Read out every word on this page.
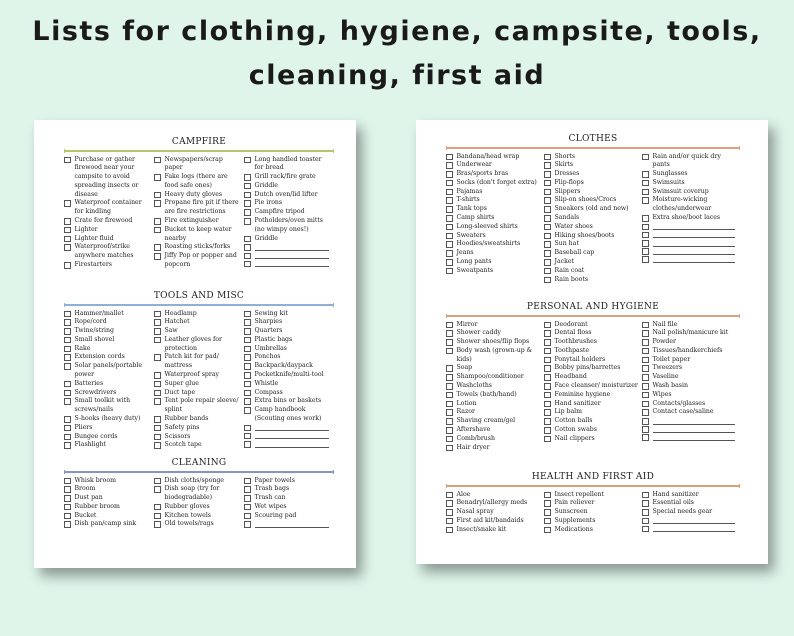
Lists for clothing, hygiene, campsite, tools,
cleaning, first aid
CAMPFIRE
Purchase or gather firewood near your campsite to avoid spreading insects or disease
Waterproof container for kindling
Crate for firewood
Lighter
Lighter fluid
Waterproof/strike anywhere matches
Firestarters
Newspapers/scrap paper
Fake logs (there are food safe ones)
Heavy duty gloves
Propane fire pit if there are fire restrictions
Fire extinguisher
Bucket to keep water nearby
Roasting sticks/forks
Jiffy Pop or popper and popcorn
Long handled toaster for bread
Grill rack/fire grate
Griddle
Dutch oven/lid lifter
Pie irons
Campfire tripod
Potholders/oven mitts (no wimpy ones!)
Griddle
TOOLS AND MISC
Hammer/mallet
Rope/cord
Twine/string
Small shovel
Rake
Extension cords
Solar panels/portable power
Batteries
Screwdrivers
Small toolkit with screws/nails
S-hooks (heavy duty)
Pliers
Bungee cords
Flashlight
Headlamp
Hatchet
Saw
Leather gloves for protection
Patch kit for pad/ mattress
Waterproof spray
Super glue
Duct tape
Tent pole repair sleeve/ splint
Rubber bands
Safety pins
Scissors
Scotch tape
Sewing kit
Sharpies
Quarters
Plastic bags
Umbrellas
Ponchos
Backpack/daypack
Pocketknife/multi-tool
Whistle
Compass
Extra bins or baskets
Camp handbook (Scouting ones work)
CLEANING
Whisk broom
Broom
Dust pan
Rubber broom
Bucket
Dish pan/camp sink
Dish cloths/sponge
Dish soap (try for biodegradable)
Rubber gloves
Kitchen towels
Old towels/rags
Paper towels
Trash bags
Trash can
Wet wipes
Scouring pad
CLOTHES
Bandana/head wrap
Underwear
Bras/sports bras
Socks (don't forget extra)
Pajamas
T-shirts
Tank tops
Camp shirts
Long-sleeved shirts
Sweaters
Hoodies/sweatshirts
Jeans
Long pants
Sweatpants
Shorts
Skirts
Dresses
Flip-flops
Slippers
Slip-on shoes/Crocs
Sneakers (old and new)
Sandals
Water shoes
Hiking shoes/boots
Sun hat
Baseball cap
Jacket
Rain coat
Rain boots
Rain and/or quick dry pants
Sunglasses
Swimsuits
Swimsuit coverup
Moisture-wicking clothes/underwear
Extra shoe/boot laces
PERSONAL AND HYGIENE
Mirror
Shower caddy
Shower shoes/flip flops
Body wash (grown-up & kids)
Soap
Shampoo/conditioner
Washcloths
Towels (bath/hand)
Lotion
Razor
Shaving cream/gel
Aftershave
Comb/brush
Hair dryer
Deodorant
Dental floss
Toothbrushes
Toothpaste
Ponytail holders
Bobby pins/barrettes
Headband
Face cleanser/ moisturizer
Feminine hygiene
Hand sanitizer
Lip balm
Cotton balls
Cotton swabs
Nail clippers
Nail file
Nail polish/manicure kit
Powder
Tissues/handkerchiefs
Toilet paper
Tweezers
Vaseline
Wash basin
Wipes
Contacts/glasses
Contact case/saline
HEALTH AND FIRST AID
Aloe
Benadryl/allergy meds
Nasal spray
First aid kit/bandaids
Insect/snake kit
Insect repellent
Pain reliever
Sunscreen
Supplements
Medications
Hand sanitizer
Essential oils
Special needs gear
